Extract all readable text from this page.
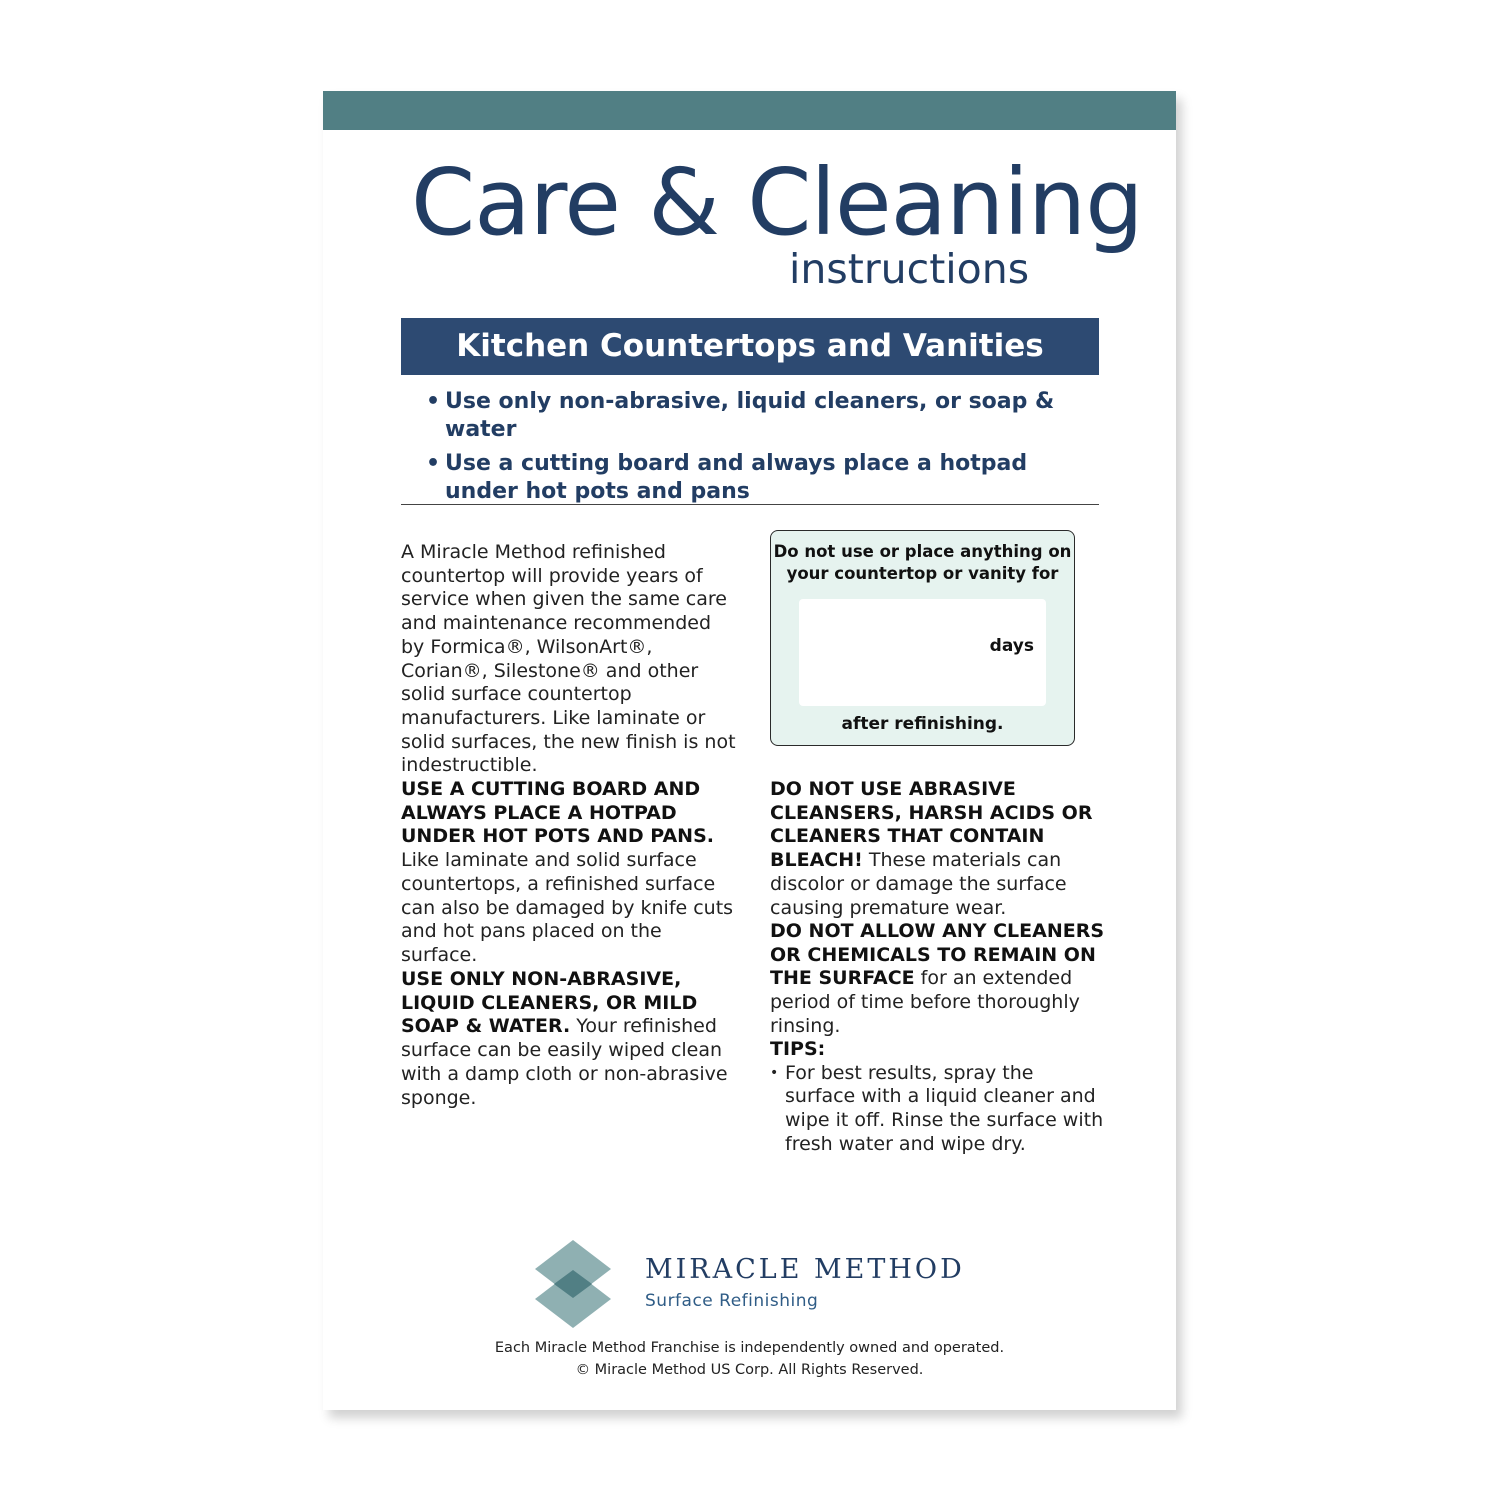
Care & Cleaning
instructions
Kitchen Countertops and Vanities
• Use only non-abrasive, liquid cleaners, or soap & water
• Use a cutting board and always place a hotpad under hot pots and pans
A Miracle Method refinished countertop will provide years of service when given the same care and maintenance recommended by Formica®, WilsonArt®, Corian®, Silestone® and other solid surface countertop manufacturers. Like laminate or solid surfaces, the new finish is not indestructible.
USE A CUTTING BOARD AND ALWAYS PLACE A HOTPAD UNDER HOT POTS AND PANS. Like laminate and solid surface countertops, a refinished surface can also be damaged by knife cuts and hot pans placed on the surface.
USE ONLY NON-ABRASIVE, LIQUID CLEANERS, OR MILD SOAP & WATER. Your refinished surface can be easily wiped clean with a damp cloth or non-abrasive sponge.
Do not use or place anything on your countertop or vanity for
days
after refinishing.
DO NOT USE ABRASIVE CLEANSERS, HARSH ACIDS OR CLEANERS THAT CONTAIN BLEACH! These materials can discolor or damage the surface causing premature wear.
DO NOT ALLOW ANY CLEANERS OR CHEMICALS TO REMAIN ON THE SURFACE for an extended period of time before thoroughly rinsing.
TIPS:
• For best results, spray the surface with a liquid cleaner and wipe it off. Rinse the surface with fresh water and wipe dry.
MIRACLE METHOD
Surface Refinishing
Each Miracle Method Franchise is independently owned and operated.
© Miracle Method US Corp. All Rights Reserved.
